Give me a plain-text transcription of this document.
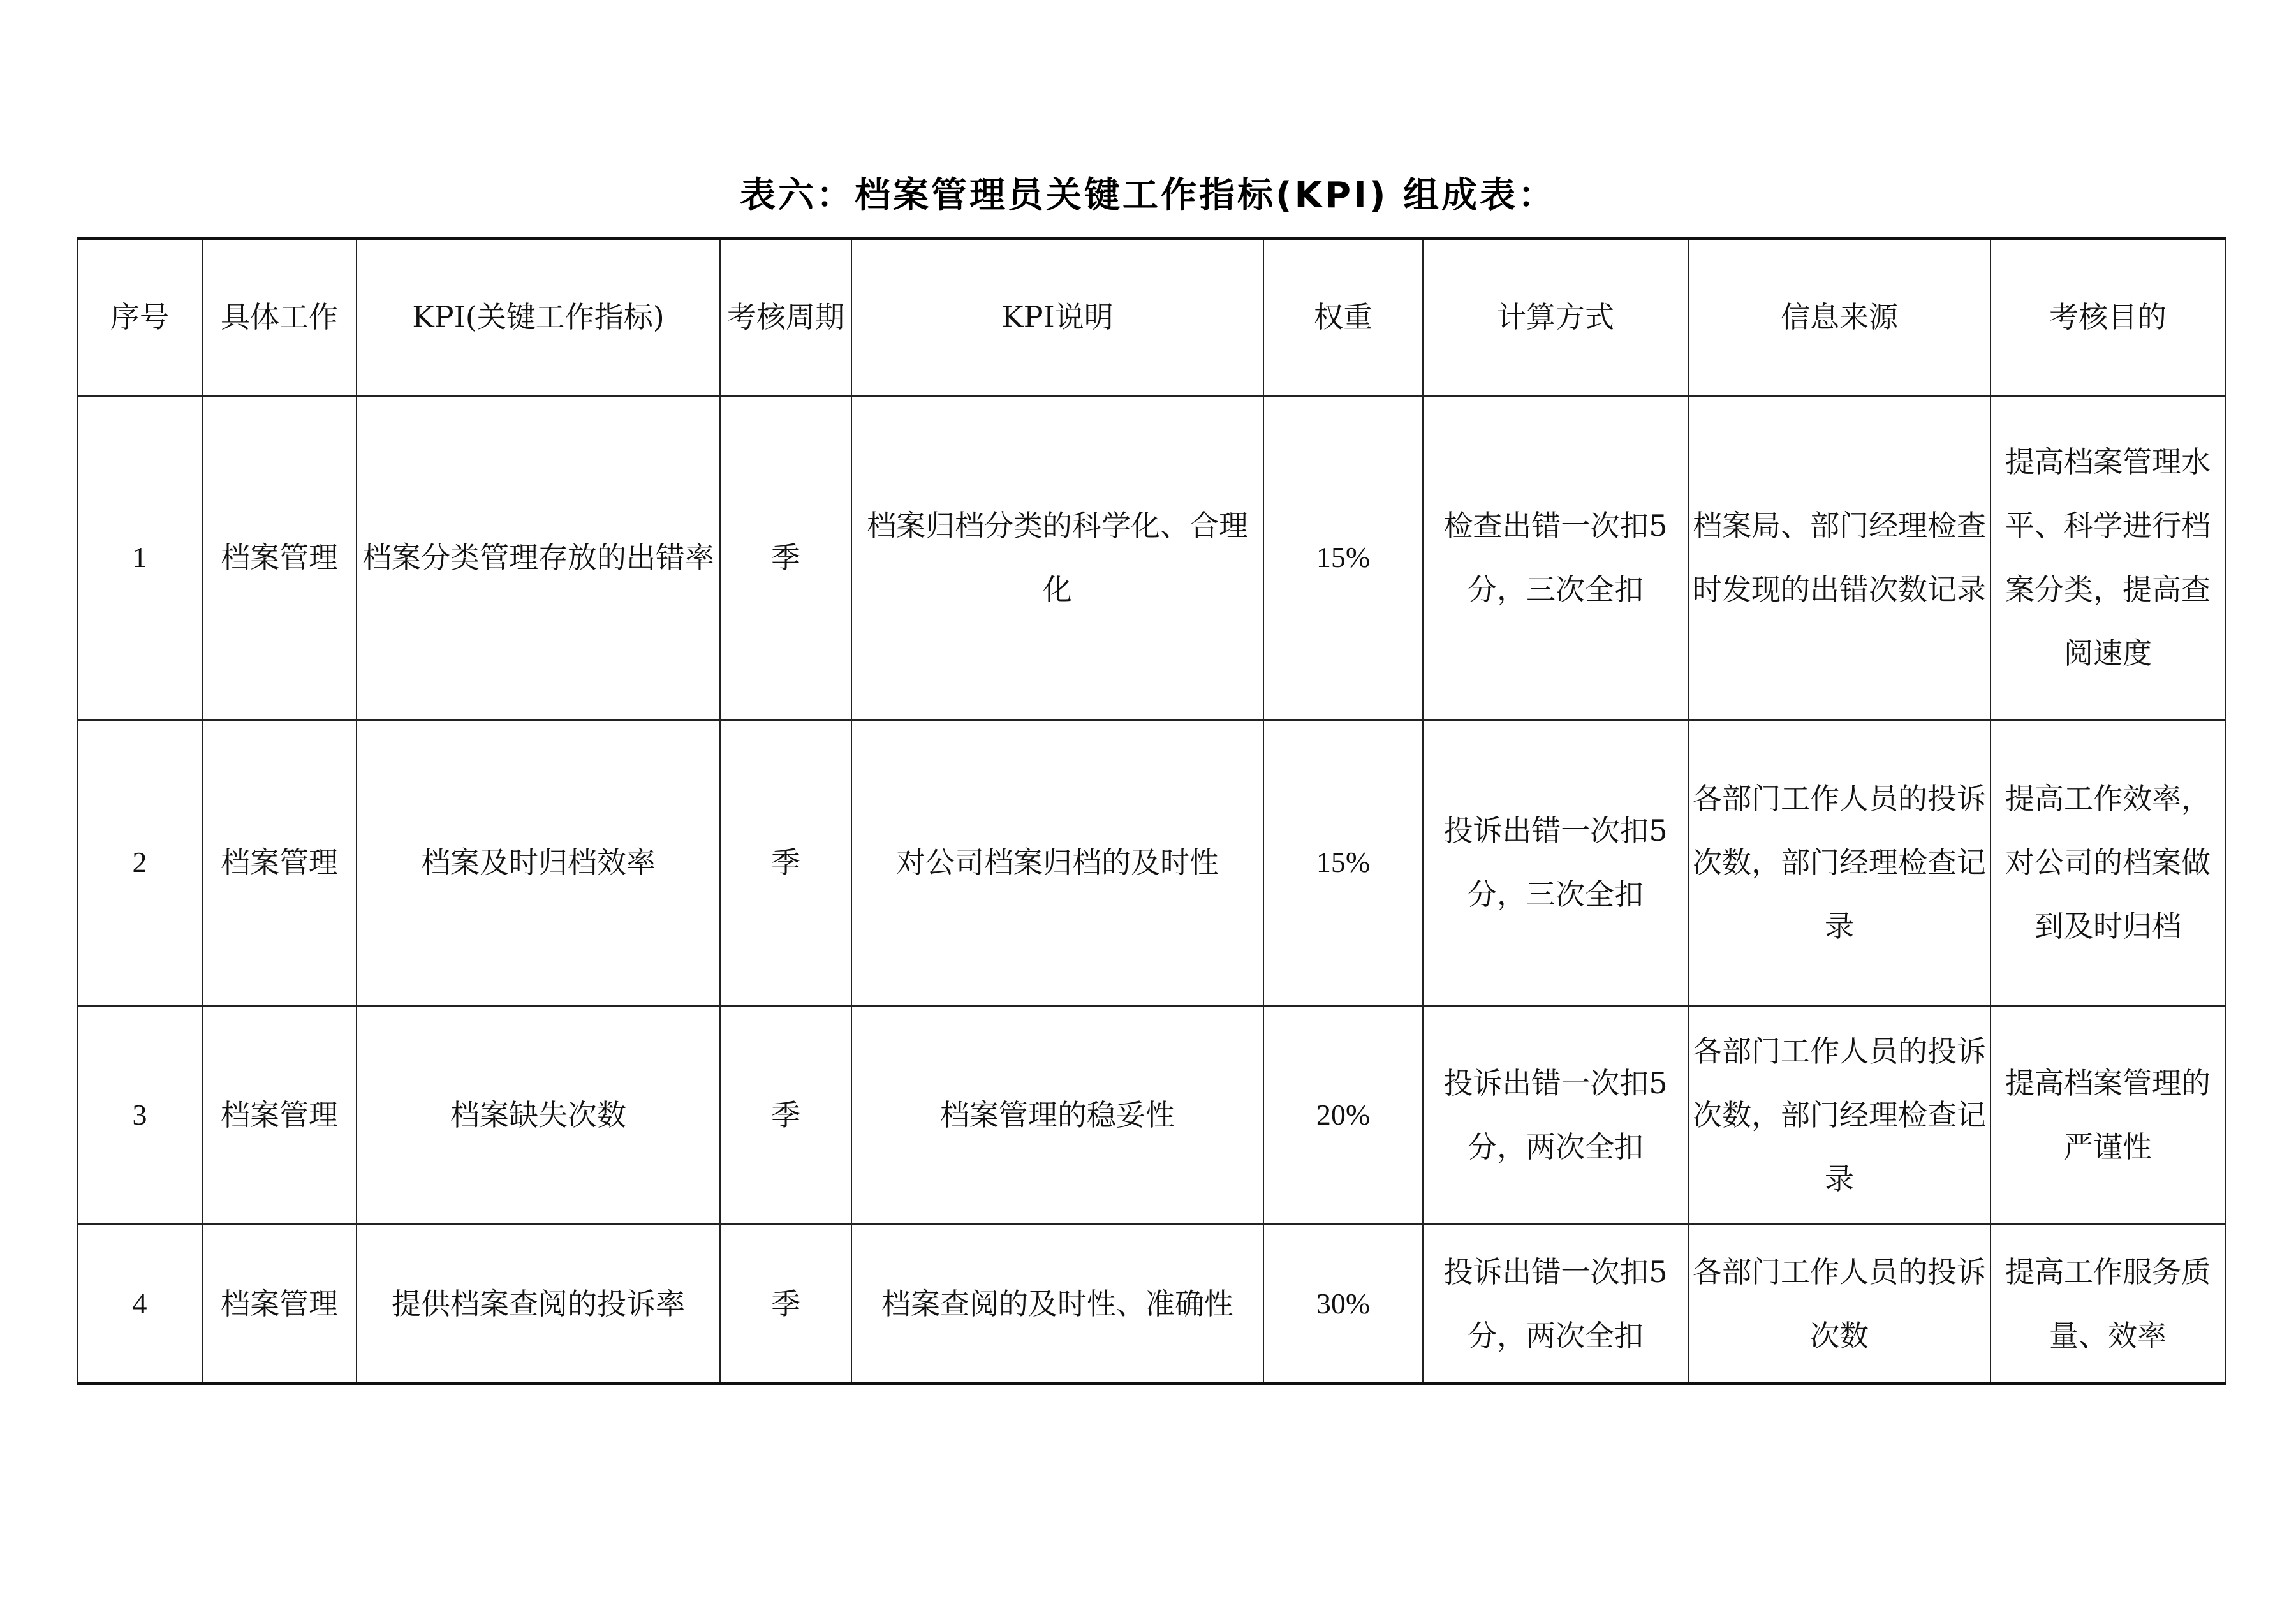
表六：档案管理员关键工作指标(KPI) 组成表：
序号	具体工作	KPI(关键工作指标)	考核周期	KPI说明	权重	计算方式	信息来源	考核目的
1	档案管理	档案分类管理存放的出错率	季	档案归档分类的科学化、合理化	15%	检查出错一次扣5分，三次全扣	档案局、部门经理检查时发现的出错次数记录	提高档案管理水平、科学进行档案分类，提高查阅速度
2	档案管理	档案及时归档效率	季	对公司档案归档的及时性	15%	投诉出错一次扣5分，三次全扣	各部门工作人员的投诉次数，部门经理检查记录	提高工作效率，对公司的档案做到及时归档
3	档案管理	档案缺失次数	季	档案管理的稳妥性	20%	投诉出错一次扣5分，两次全扣	各部门工作人员的投诉次数，部门经理检查记录	提高档案管理的严谨性
4	档案管理	提供档案查阅的投诉率	季	档案查阅的及时性、准确性	30%	投诉出错一次扣5分，两次全扣	各部门工作人员的投诉次数	提高工作服务质量、效率
